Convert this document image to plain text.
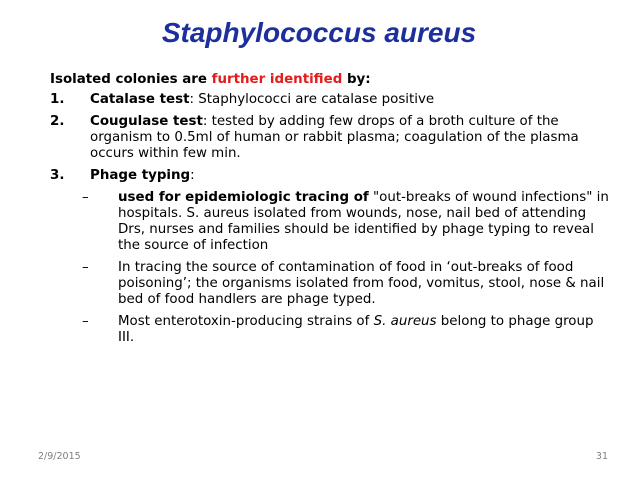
Staphylococcus aureus
Isolated colonies are further identified by:
1. Catalase test: Staphylococci are catalase positive
2. Cougulase test: tested by adding few drops of a broth culture of the organism to 0.5ml of human or rabbit plasma; coagulation of the plasma occurs within few min.
3. Phage typing:
– used for epidemiologic tracing of "out-breaks of wound infections" in hospitals. S. aureus isolated from wounds, nose, nail bed of attending Drs, nurses and families should be identified by phage typing to reveal the source of infection
– In tracing the source of contamination of food in ‘out-breaks of food poisoning’; the organisms isolated from food, vomitus, stool, nose & nail bed of food handlers are phage typed.
– Most enterotoxin-producing strains of S. aureus belong to phage group III.
2/9/2015	31
